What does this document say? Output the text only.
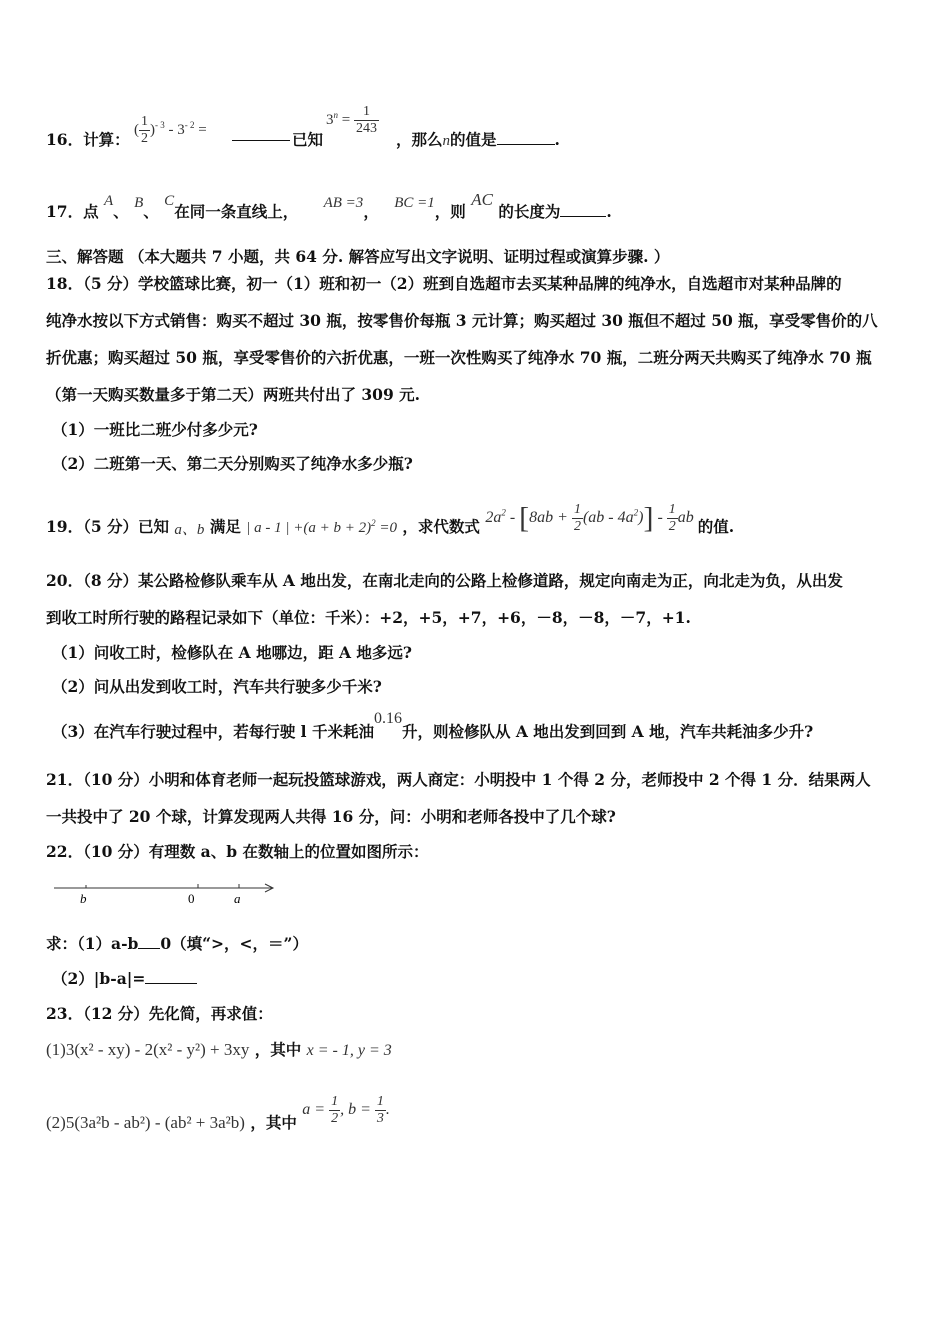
16．计算：
( $\frac{1}{2} )^{- 3} - 3^{- 2}$ =
已知
$3^n = \frac{1}{243}$
，那么n的值是	.
17．点 A、 B、 C在同一条直线上， AB =3， BC =1，则 AC 的长度为	.
三、解答题 （本大题共 7 小题，共 64 分. 解答应写出文字说明、证明过程或演算步骤. ）
18．（5 分）学校篮球比赛，初一（1）班和初一（2）班到自选超市去买某种品牌的纯净水，自选超市对某种品牌的
纯净水按以下方式销售：购买不超过 30 瓶，按零售价每瓶 3 元计算；购买超过 30 瓶但不超过 50 瓶，享受零售价的八
折优惠；购买超过 50 瓶，享受零售价的六折优惠，一班一次性购买了纯净水 70 瓶，二班分两天共购买了纯净水 70 瓶
（第一天购买数量多于第二天）两班共付出了 309 元.
（1）一班比二班少付多少元?
（2）二班第一天、第二天分别购买了纯净水多少瓶?
19．（5 分）已知 a、b 满足 | a - 1 | $+(a + b + 2)^2 =0$ ，求代数式 $2a^2 - [8ab + \frac{1}{2} (ab - 4a^2)] - \frac{1}{2}$ ab 的值.
20．（8 分）某公路检修队乘车从 A 地出发，在南北走向的公路上检修道路，规定向南走为正，向北走为负，从出发
到收工时所行驶的路程记录如下（单位：千米）：+2，+5，+7，+6，－8，－8，－7，+1.
（1）问收工时，检修队在 A 地哪边，距 A 地多远?
（2）问从出发到收工时，汽车共行驶多少千米?
（3）在汽车行驶过程中，若每行驶 l 千米耗油0.16升，则检修队从 A 地出发到回到 A 地，汽车共耗油多少升?
21．（10 分）小明和体育老师一起玩投篮球游戏，两人商定：小明投中 1 个得 2 分，老师投中 2 个得 1 分．结果两人
一共投中了 20 个球，计算发现两人共得 16 分，问：小明和老师各投中了几个球?
22．（10 分）有理数 a、b 在数轴上的位置如图所示：
b	0	a
求：（1）a-b 0（填“>，<，＝”）
（2）|b-a|=
23．（12 分）先化简，再求值：
(1)3(x² - xy) - 2(x² - y²) + 3xy ，其中 x = - 1, y = 3
(2)5(3a²b - ab²) - (ab² + 3a²b) ，其中 $a = \frac{1}{2}$ , $b = \frac{1}{3}$ .
